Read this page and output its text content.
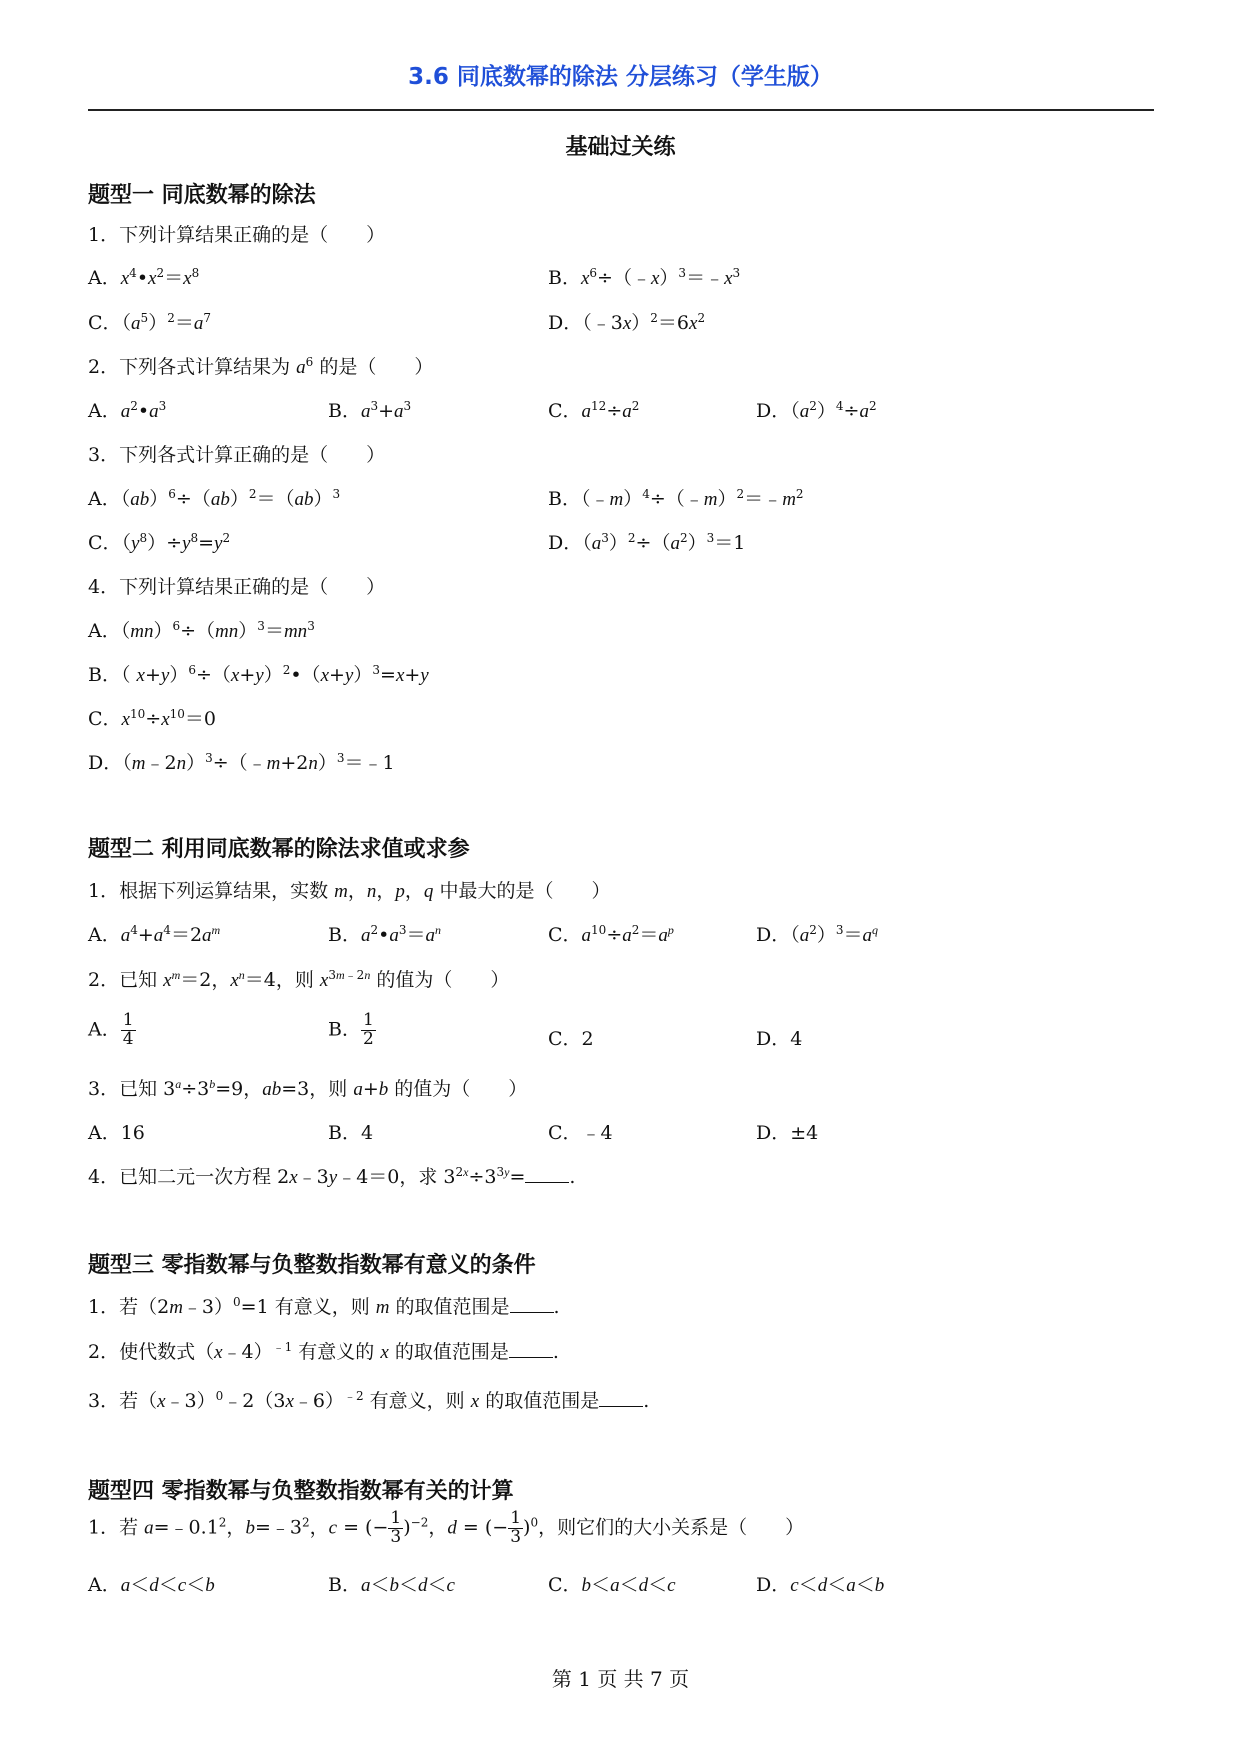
3.6 同底数幂的除法 分层练习（学生版）
基础过关练
题型一 同底数幂的除法
1．下列计算结果正确的是（　　）
A．$x^4•x^2=x^8$	B．$x^6\div(﹣x)^3=﹣x^3$
C．$(a^5)^2=a^7$	D．$(﹣3x)^2=6x^2$
2．下列各式计算结果为 $a^6$ 的是（　　）
A．$a^2•a^3$	B．$a^3+a^3$	C．$a^{12}\div a^2$	D．$(a^2)^4\div a^2$
3．下列各式计算正确的是（　　）
A．（ab）$^6$÷（ab）$^2$＝（ab）$^3$	B．$(﹣m)^4\div(﹣m)^2=﹣m^2$
C．$(y^8)\div y^8=y^2$	D．$(a^3)^2\div(a^2)^3=1$
4．下列计算结果正确的是（　　）
A．$(mn)^6\div(mn)^3=mn^3$
B．（ $x+y)^6\div(x+y)^2•(x+y)^3=x+y$
C．$x^{10}\div x^{10}=0$
D．（m﹣2n）$^3$÷（﹣m+2n）$^3$＝﹣1
题型二 利用同底数幂的除法求值或求参
1．根据下列运算结果，实数 m，n，p，q 中最大的是（　　）
A．$a^4+a^4=2a^m$	B．$a^2•a^3=a^n$	C．$a^{10}\div a^2=a^p$	D．$(a^2)^3=a^q$
2．已知 $x^m=2$，$x^n=4$，则 $x^{3m﹣2n}$ 的值为（　　）
A． $\frac{1}{4}$	B． $\frac{1}{2}$	C．2	D．4
3．已知 $3^a\div 3^b=9$，ab=3，则 a+b 的值为（　　）
A．16	B．4	C．﹣4	D．±4
4．已知二元一次方程 2x﹣3y﹣4＝0，求 $3^{2x}\div 3^{3y}=$ .
题型三 零指数幂与负整数指数幂有意义的条件
1．若（2m﹣3）$^0$=1 有意义，则 m 的取值范围是 .
2．使代数式（x﹣4）$^{﹣1}$ 有意义的 x 的取值范围是 .
3．若（x﹣3）$^0$﹣2（3x﹣6）$^{﹣2}$ 有意义，则 x 的取值范围是 .
题型四 零指数幂与负整数指数幂有关的计算
1．若 $a=﹣0.1^2$，$b=﹣3^2$，c = (− $\frac{1}{3} )^{-2}$，d = (− $\frac{1}{3} )^0$，则它们的大小关系是（　　）
A．a＜d＜c＜b	B．a＜b＜d＜c	C．b＜a＜d＜c	D．c＜d＜a＜b
第 1 页 共 7 页
